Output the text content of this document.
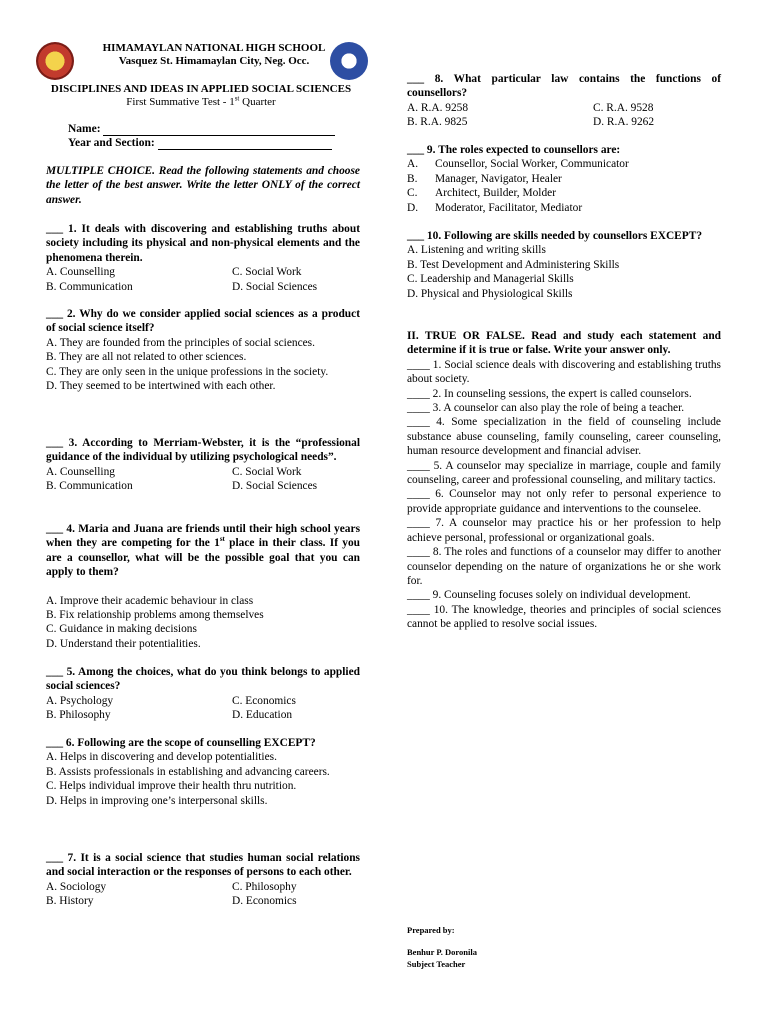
HIMAMAYLAN NATIONAL HIGH SCHOOL
Vasquez St. Himamaylan City, Neg. Occ.
DISCIPLINES AND IDEAS IN APPLIED SOCIAL SCIENCES
First Summative Test - 1st Quarter
Name:
Year and Section:
MULTIPLE CHOICE. Read the following statements and choose the letter of the best answer. Write the letter ONLY of the correct answer.
___ 1. It deals with discovering and establishing truths about society including its physical and non-physical elements and the phenomena therein.
A. Counselling	C. Social Work
B. Communication	D. Social Sciences
___ 2. Why do we consider applied social sciences as a product of social science itself?
A. They are founded from the principles of social sciences.
B. They are all not related to other sciences.
C. They are only seen in the unique professions in the society.
D. They seemed to be intertwined with each other.
___ 3. According to Merriam-Webster, it is the “professional guidance of the individual by utilizing psychological needs”.
A. Counselling	C. Social Work
B. Communication	D. Social Sciences
___ 4. Maria and Juana are friends until their high school years when they are competing for the 1st place in their class. If you are a counsellor, what will be the possible goal that you can apply to them?
A. Improve their academic behaviour in class
B. Fix relationship problems among themselves
C. Guidance in making decisions
D. Understand their potentialities.
___ 5. Among the choices, what do you think belongs to applied social sciences?
A. Psychology	C. Economics
B. Philosophy	D. Education
___ 6. Following are the scope of counselling EXCEPT?
A. Helps in discovering and develop potentialities.
B. Assists professionals in establishing and advancing careers.
C. Helps individual improve their health thru nutrition.
D. Helps in improving one’s interpersonal skills.
___ 7. It is a social science that studies human social relations and social interaction or the responses of persons to each other.
A. Sociology	C. Philosophy
B. History	D. Economics
___ 8. What particular law contains the functions of counsellors?
A. R.A. 9258	C. R.A. 9528
B. R.A. 9825	D. R.A. 9262
___ 9. The roles expected to counsellors are:
A.	Counsellor, Social Worker, Communicator
B.	Manager, Navigator, Healer
C.	Architect, Builder, Molder
D.	Moderator, Facilitator, Mediator
___ 10. Following are skills needed by counsellors EXCEPT?
A. Listening and writing skills
B. Test Development and Administering Skills
C. Leadership and Managerial Skills
D. Physical and Physiological Skills
II. TRUE OR FALSE. Read and study each statement and determine if it is true or false. Write your answer only.
____ 1. Social science deals with discovering and establishing truths about society.
____ 2. In counseling sessions, the expert is called counselors.
____ 3. A counselor can also play the role of being a teacher.
____ 4. Some specialization in the field of counseling include substance abuse counseling, family counseling, career counseling, human resource development and financial adviser.
____ 5. A counselor may specialize in marriage, couple and family counseling, career and professional counseling, and military tactics.
____ 6. Counselor may not only refer to personal experience to provide appropriate guidance and interventions to the counselee.
____ 7. A counselor may practice his or her profession to help achieve personal, professional or organizational goals.
____ 8. The roles and functions of a counselor may differ to another counselor depending on the nature of organizations he or she work for.
____ 9. Counseling focuses solely on individual development.
____ 10. The knowledge, theories and principles of social sciences cannot be applied to resolve social issues.
Prepared by:
Benhur P. Doronila
Subject Teacher
